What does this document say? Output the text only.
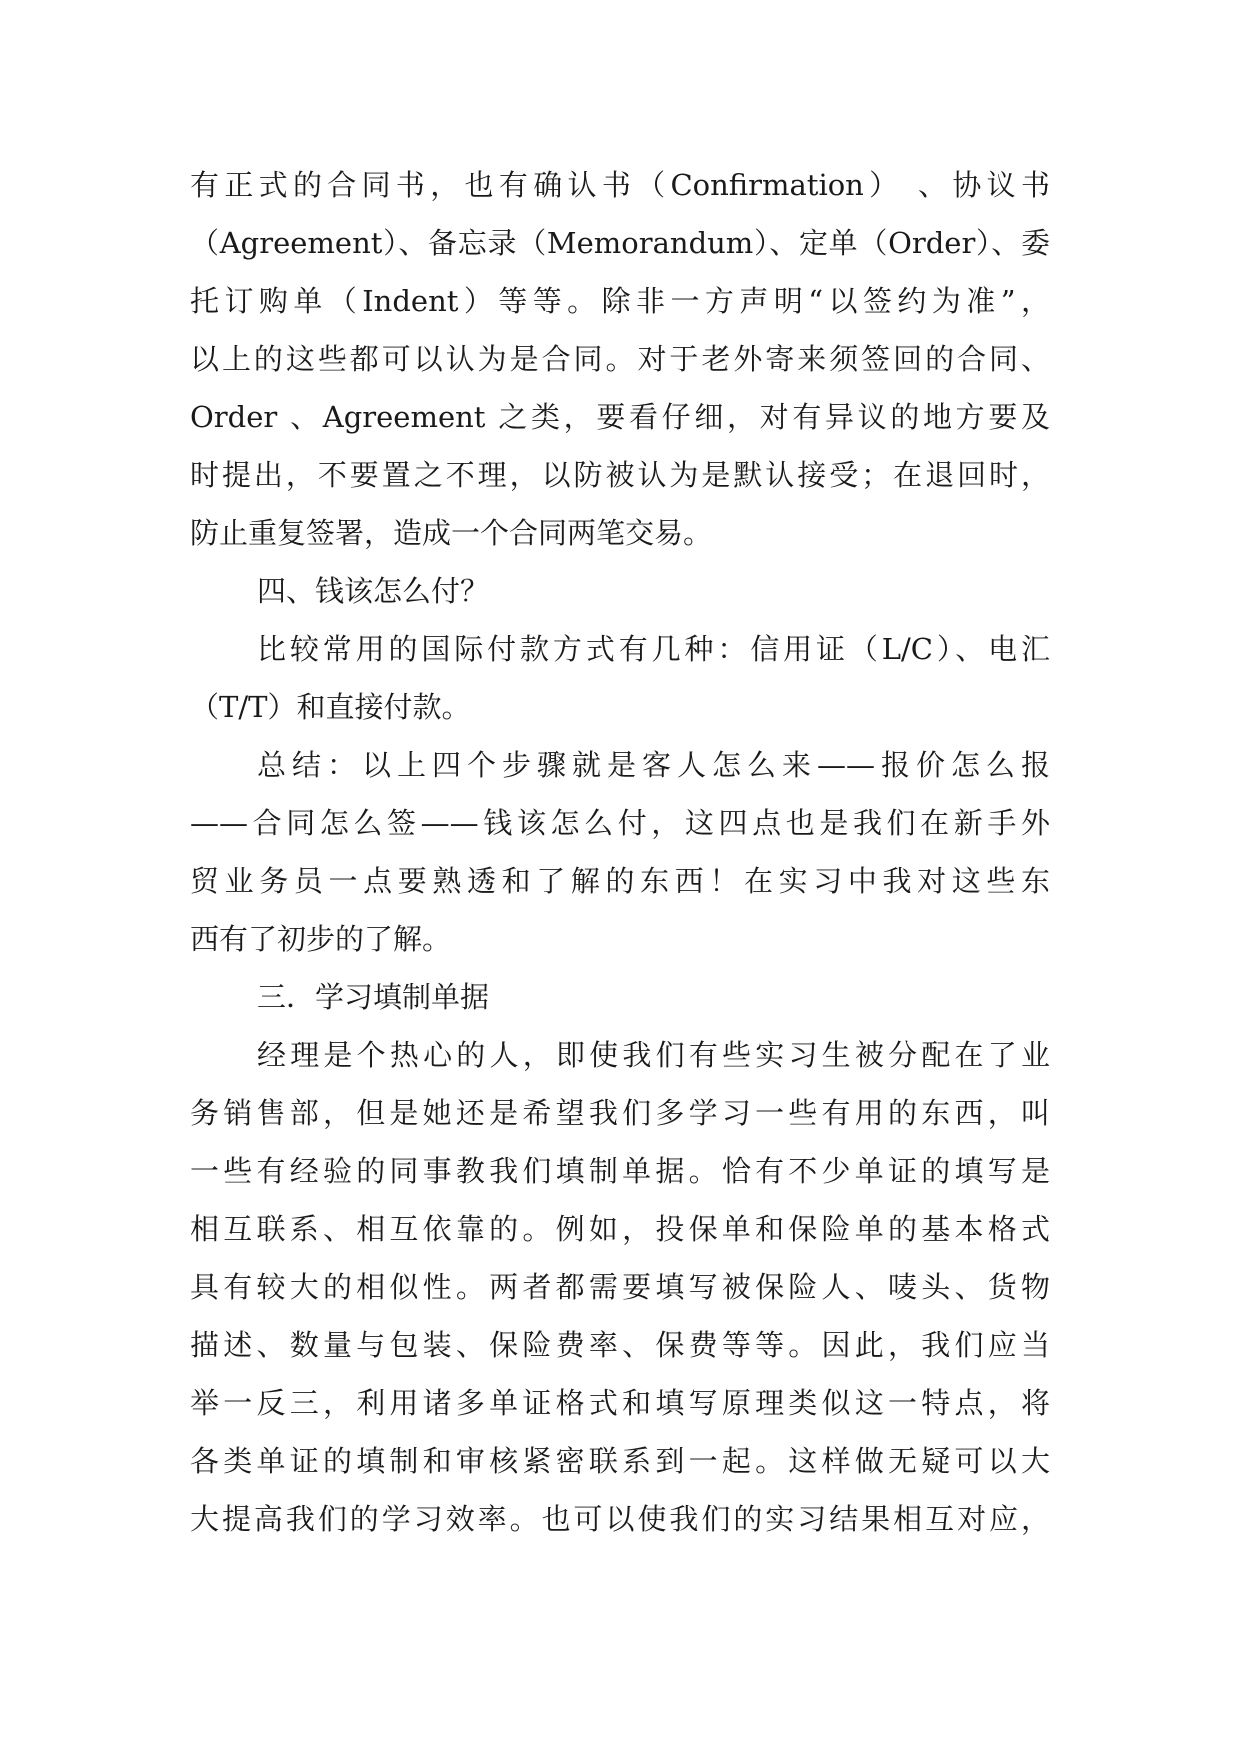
有正式的合同书，也有确认书（Confirmation） 、协议书
（Agreement）、备忘录（Memorandum）、定单（Order）、委
托订购单（Indent）等等。除非一方声明“以签约为准”，
以上的这些都可以认为是合同。对于老外寄来须签回的合同、
Order 、Agreement 之类，要看仔细，对有异议的地方要及
时提出，不要置之不理，以防被认为是默认接受；在退回时，
防止重复签署，造成一个合同两笔交易。
四、钱该怎么付？
比较常用的国际付款方式有几种：信用证（L/C）、电汇
（T/T）和直接付款。
总结：以上四个步骤就是客人怎么来——报价怎么报
——合同怎么签——钱该怎么付，这四点也是我们在新手外
贸业务员一点要熟透和了解的东西！在实习中我对这些东
西有了初步的了解。
三．学习填制单据
经理是个热心的人，即使我们有些实习生被分配在了业
务销售部，但是她还是希望我们多学习一些有用的东西，叫
一些有经验的同事教我们填制单据。恰有不少单证的填写是
相互联系、相互依靠的。例如，投保单和保险单的基本格式
具有较大的相似性。两者都需要填写被保险人、唛头、货物
描述、数量与包装、保险费率、保费等等。因此，我们应当
举一反三，利用诸多单证格式和填写原理类似这一特点，将
各类单证的填制和审核紧密联系到一起。这样做无疑可以大
大提高我们的学习效率。也可以使我们的实习结果相互对应，
